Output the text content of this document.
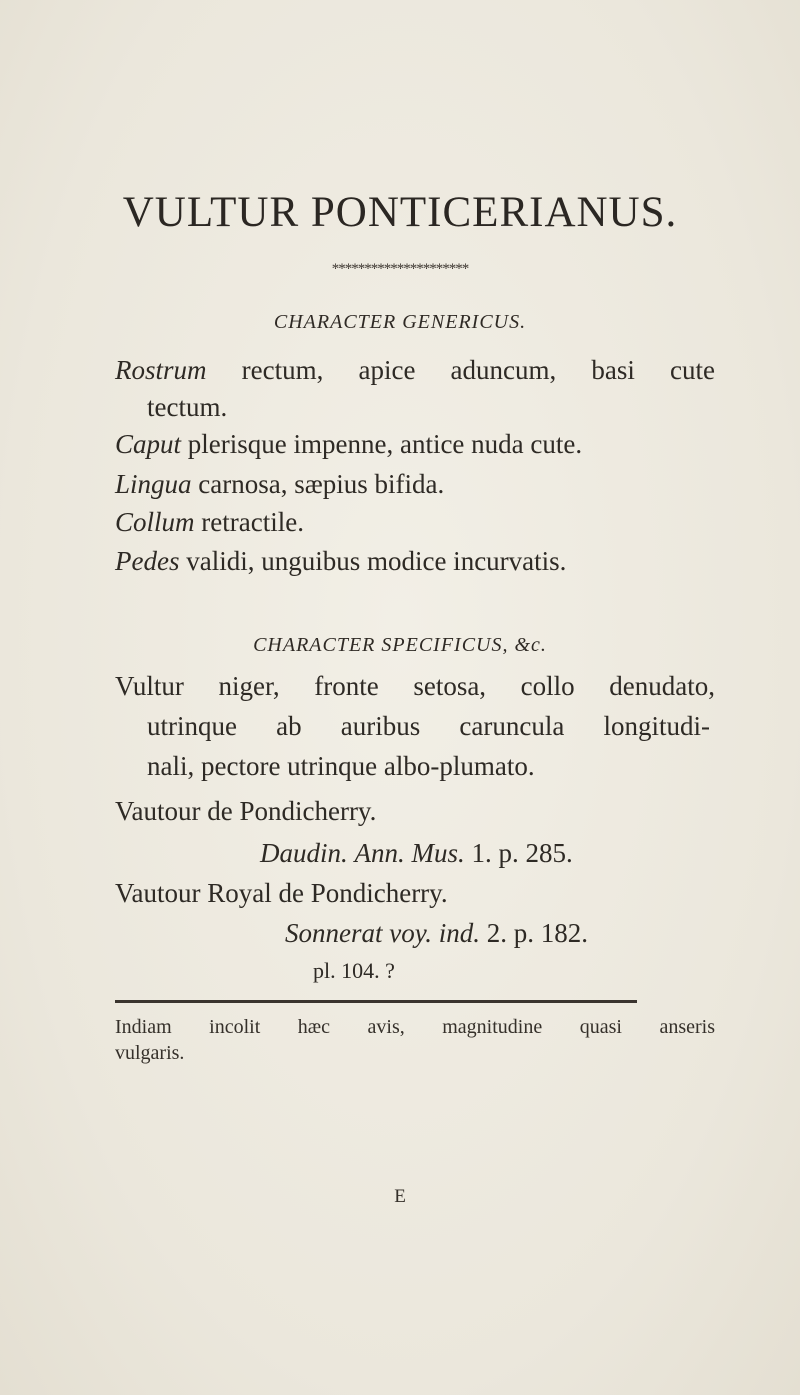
VULTUR PONTICERIANUS.
*********************
CHARACTER GENERICUS.
Rostrum rectum, apice aduncum, basi cute
tectum.
Caput plerisque impenne, antice nuda cute.
Lingua carnosa, sæpius bifida.
Collum retractile.
Pedes validi, unguibus modice incurvatis.
CHARACTER SPECIFICUS, &c.
Vultur niger, fronte setosa, collo denudato,
utrinque ab auribus caruncula longitudi-
nali, pectore utrinque albo-plumato.
Vautour de Pondicherry.
Daudin. Ann. Mus. 1. p. 285.
Vautour Royal de Pondicherry.
Sonnerat voy. ind. 2. p. 182.
pl. 104. ?
Indiam incolit hæc avis, magnitudine quasi anseris
vulgaris.
E
